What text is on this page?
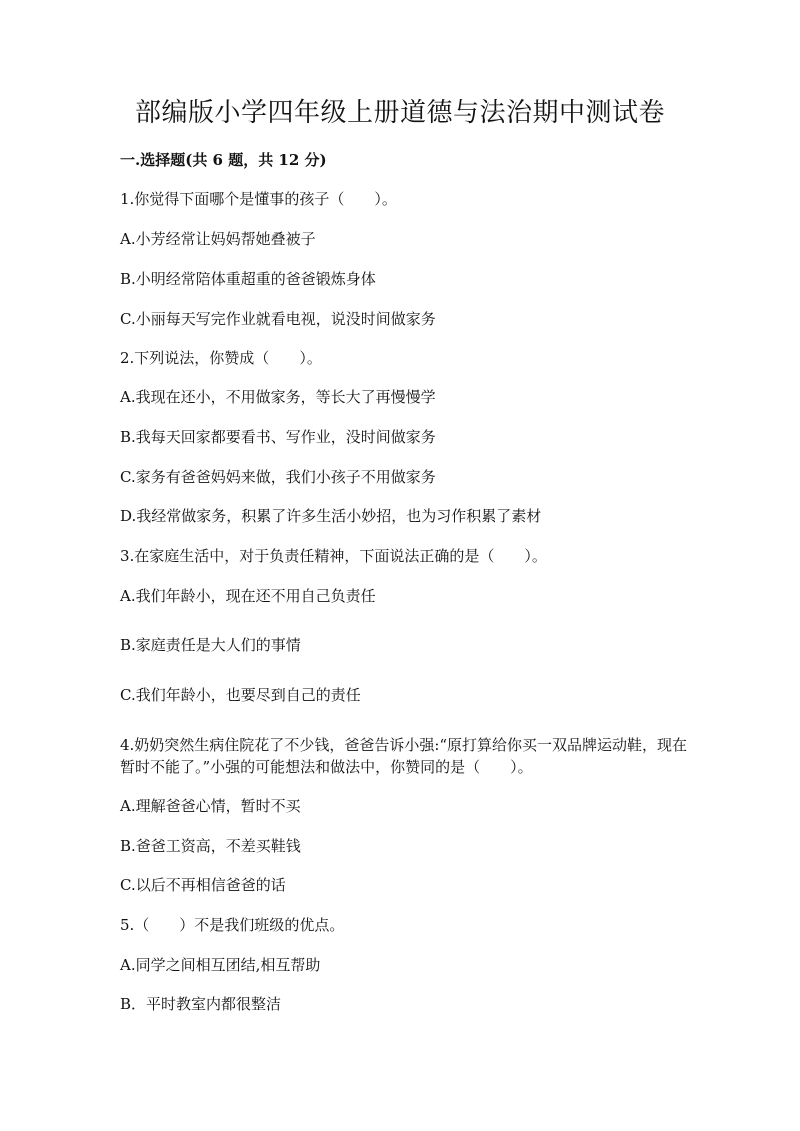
部编版小学四年级上册道德与法治期中测试卷
一.选择题(共 6 题，共 12 分)
1.你觉得下面哪个是懂事的孩子（　　）。
A.小芳经常让妈妈帮她叠被子
B.小明经常陪体重超重的爸爸锻炼身体
C.小丽每天写完作业就看电视，说没时间做家务
2.下列说法，你赞成（　　）。
A.我现在还小，不用做家务，等长大了再慢慢学
B.我每天回家都要看书、写作业，没时间做家务
C.家务有爸爸妈妈来做，我们小孩子不用做家务
D.我经常做家务，积累了许多生活小妙招，也为习作积累了素材
3.在家庭生活中，对于负责任精神，下面说法正确的是（　　）。
A.我们年龄小，现在还不用自己负责任
B.家庭责任是大人们的事情
C.我们年龄小，也要尽到自己的责任
4.奶奶突然生病住院花了不少钱，爸爸告诉小强:“原打算给你买一双品牌运动鞋，现在暂时不能了。”小强的可能想法和做法中，你赞同的是（　　）。
A.理解爸爸心情，暂时不买
B.爸爸工资高，不差买鞋钱
C.以后不再相信爸爸的话
5.（　　）不是我们班级的优点。
A.同学之间相互团结,相互帮助
B．平时教室内都很整洁
